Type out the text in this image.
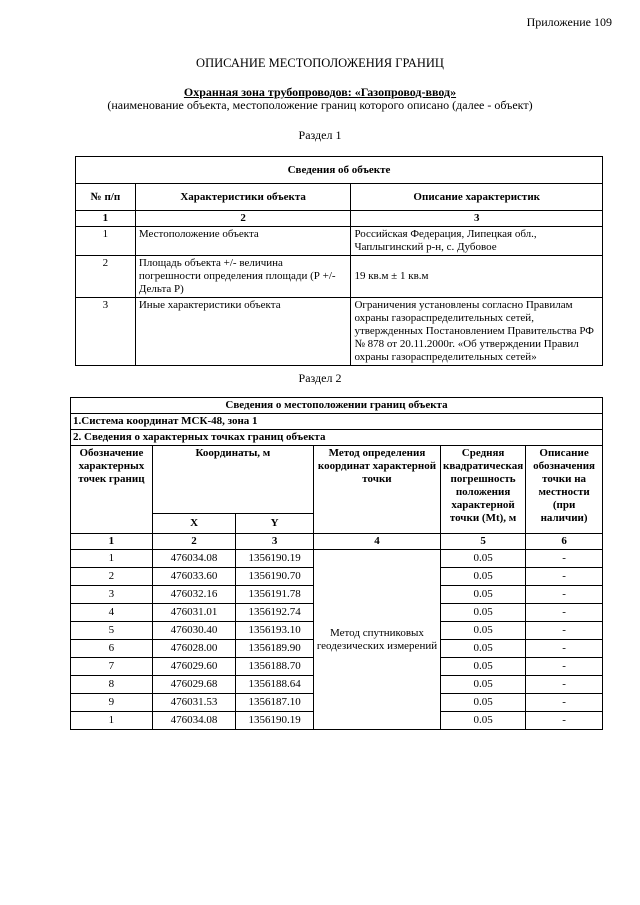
Приложение 109
ОПИСАНИЕ МЕСТОПОЛОЖЕНИЯ ГРАНИЦ
Охранная зона трубопроводов: «Газопровод-ввод»
(наименование объекта, местоположение границ которого описано (далее - объект)
Раздел 1
Сведения об объекте		
№ п/п	Характеристики объекта	Описание характеристик
1	2	3
1	Местоположение объекта	Российская Федерация, Липецкая обл., Чаплыгинский р-н, с. Дубовое
2	Площадь объекта +/- величина погрешности определения площади (Р +/- Дельта Р)	19 кв.м ± 1 кв.м
3	Иные характеристики объекта	Ограничения установлены согласно Правилам охраны газораспределительных сетей, утвержденных Постановлением Правительства РФ № 878 от 20.11.2000г. «Об утверждении Правил охраны газораспределительных сетей»
Раздел 2
Сведения о местоположении границ объекта					
1.Система координат МСК-48, зона 1					
2. Сведения о характерных точках границ объекта					
Обозначение характерных точек границ	Координаты, м		Метод определения координат характерной точки	Средняя квадратическая погрешность положения характерной точки (Mt), м	Описание обозначения точки на местности (при наличии)
	X	Y			
1	2	3	4	5	6
1	476034.08	1356190.19	Метод спутниковых геодезических измерений	0.05	-
2	476033.60	1356190.70		0.05	-
3	476032.16	1356191.78		0.05	-
4	476031.01	1356192.74		0.05	-
5	476030.40	1356193.10		0.05	-
6	476028.00	1356189.90		0.05	-
7	476029.60	1356188.70		0.05	-
8	476029.68	1356188.64		0.05	-
9	476031.53	1356187.10		0.05	-
1	476034.08	1356190.19		0.05	-
